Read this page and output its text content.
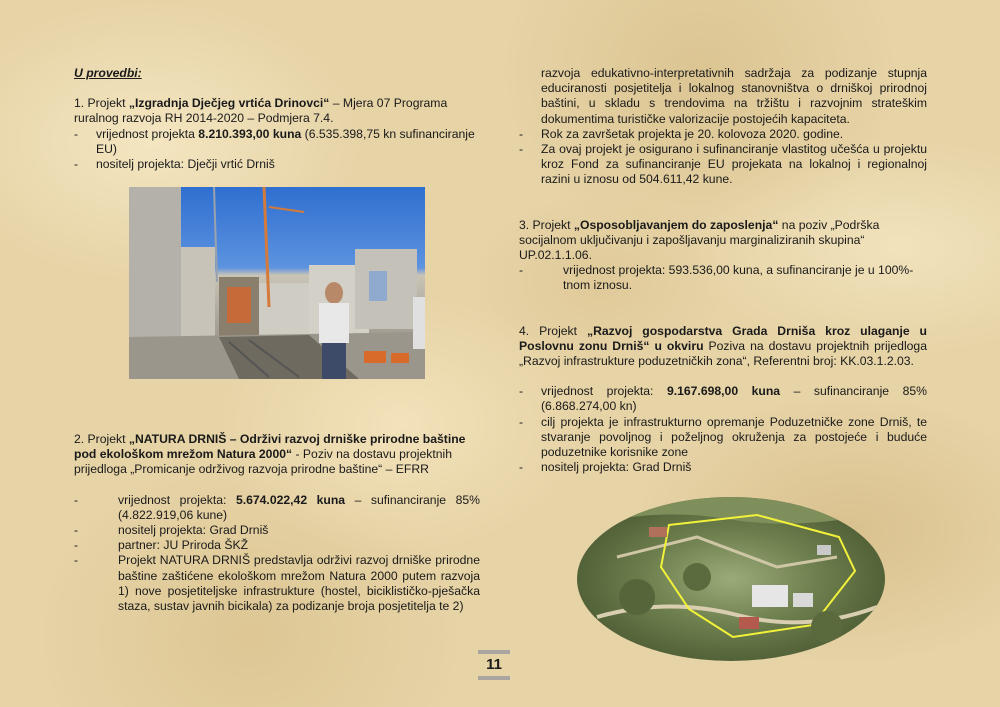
U provedbi:

1. Projekt „Izgradnja Dječjeg vrtića Drinovci“ – Mjera 07 Programa ruralnog razvoja RH 2014-2020 – Podmjera 7.4.

- vrijednost projekta 8.210.393,00 kuna (6.535.398,75 kn sufinanciranje EU)
- nositelj projekta: Dječji vrtić Drniš

2. Projekt „NATURA DRNIŠ – Održivi razvoj drniške prirodne baštine pod ekološkom mrežom Natura 2000“ - Poziv na dostavu projektnih prijedloga „Promicanje održivog razvoja prirodne baštine“ – EFRR

- vrijednost projekta: 5.674.022,42 kuna – sufinanciranje 85% (4.822.919,06 kune)
- nositelj projekta: Grad Drniš
- partner: JU Priroda ŠKŽ
- Projekt NATURA DRNIŠ predstavlja održivi razvoj drniške prirodne baštine zaštićene ekološkom mrežom Natura 2000 putem razvoja 1) nove posjetiteljske infrastrukture (hostel, biciklističko-pješačka staza, sustav javnih bicikala) za podizanje broja posjetitelja te 2)

razvoja edukativno-interpretativnih sadržaja za podizanje stupnja educiranosti posjetitelja i lokalnog stanovništva o drniškoj prirodnoj baštini, u skladu s trendovima na tržištu i razvojnim strateškim dokumentima turističke valorizacije postojećih kapaciteta.

- Rok za završetak projekta je 20. kolovoza 2020. godine.
- Za ovaj projekt je osigurano i sufinanciranje vlastitog učešća u projektu kroz Fond za sufinanciranje EU projekata na lokalnoj i regionalnoj razini u iznosu od 504.611,42 kune.

3. Projekt „Osposobljavanjem do zaposlenja“ na poziv „Podrška socijalnom uključivanju i zapošljavanju marginaliziranih skupina“ UP.02.1.1.06.

- vrijednost projekta: 593.536,00 kuna, a sufinanciranje je u 100%-tnom iznosu.

4. Projekt „Razvoj gospodarstva Grada Drniša kroz ulaganje u Poslovnu zonu Drniš“ u okviru Poziva na dostavu projektnih prijedloga „Razvoj infrastrukture poduzetničkih zona“, Referentni broj: KK.03.1.2.03.

- vrijednost projekta: 9.167.698,00 kuna – sufinanciranje 85% (6.868.274,00 kn)
- cilj projekta je infrastrukturno opremanje Poduzetničke zone Drniš, te stvaranje povoljnog i poželjnog okruženja za postojeće i buduće poduzetnike korisnike zone
- nositelj projekta: Grad Drniš
11
